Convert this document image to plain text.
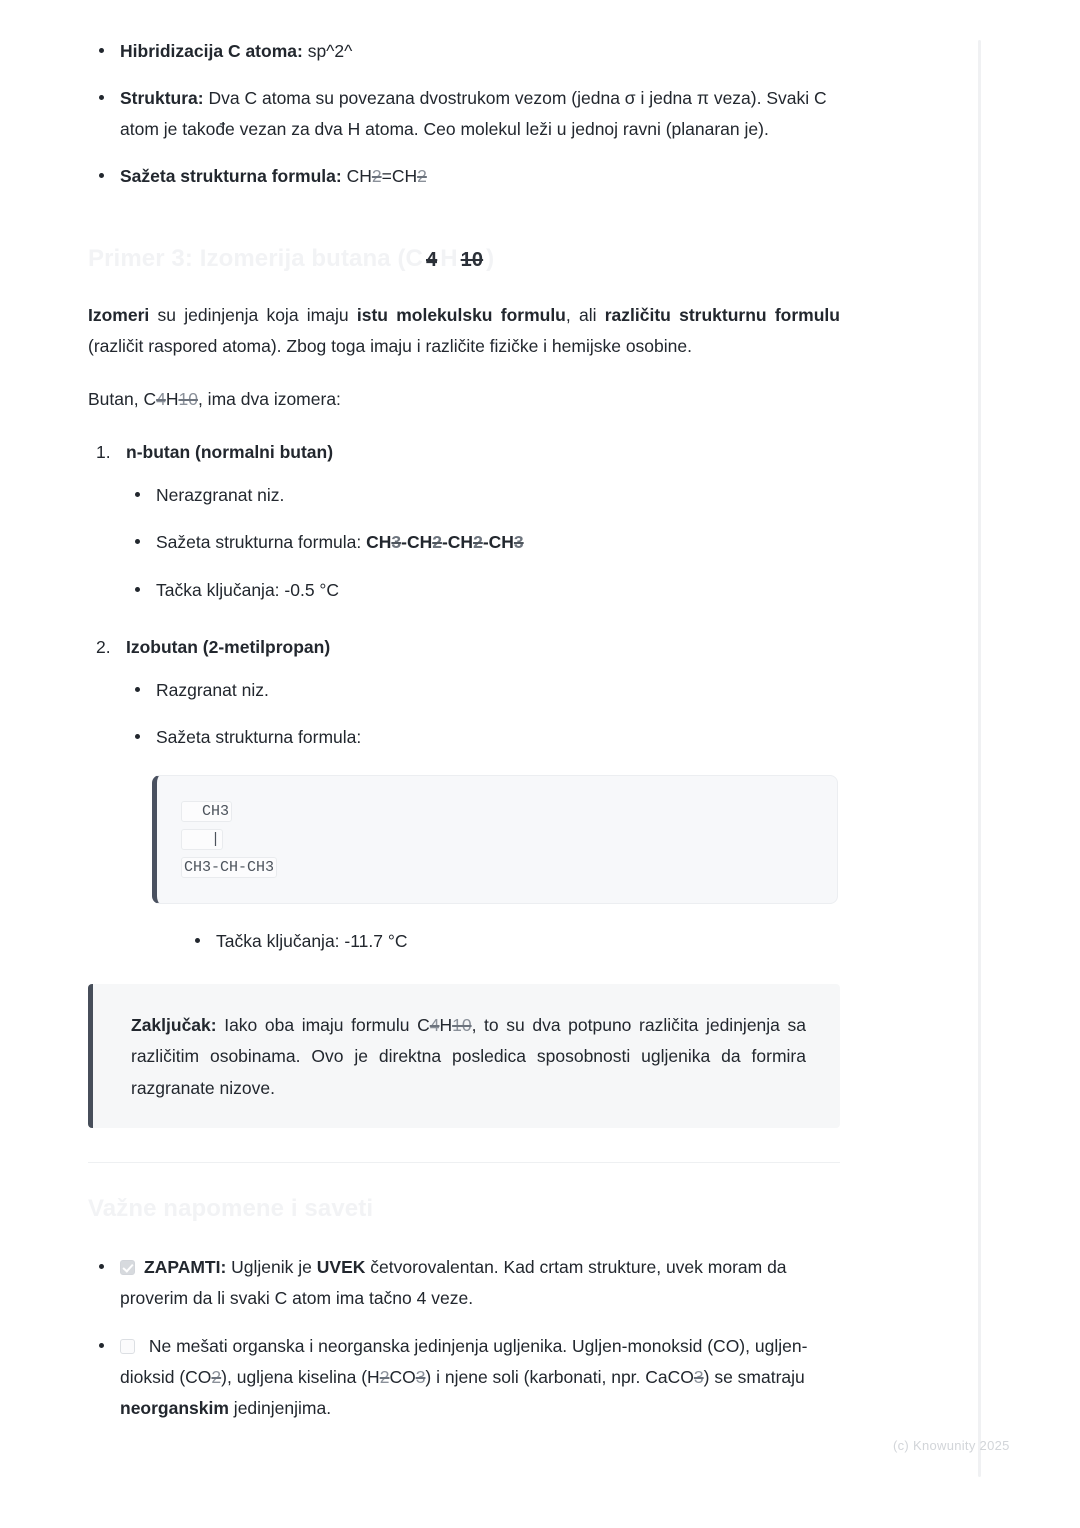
Hibridizacija C atoma: sp^2^
Struktura: Dva C atoma su povezana dvostrukom vezom (jedna σ i jedna π veza). Svaki C atom je takođe vezan za dva H atoma. Ceo molekul leži u jednoj ravni (planaran je).
Sažeta strukturna formula: CH2=CH2
Primer 3: Izomerija butana (C 4 H 10 )

Izomeri su jedinjenja koja imaju istu molekulsku formulu, ali različitu strukturnu formulu (različit raspored atoma). Zbog toga imaju i različite fizičke i hemijske osobine.

Butan, C4H10, ima dva izomera:

1. n-butan (normalni butan)
Nerazgranat niz.
Sažeta strukturna formula: CH3-CH2-CH2-CH3
Tačka ključanja: -0.5 °C
2. Izobutan (2-metilpropan)
Razgranat niz.
Sažeta strukturna formula:
CH3
|
CH3-CH-CH3
Tačka ključanja: -11.7 °C

Zaključak: Iako oba imaju formulu C4H10, to su dva potpuno različita jedinjenja sa različitim osobinama. Ovo je direktna posledica sposobnosti ugljenika da formira razgranate nizove.

Važne napomene i saveti
ZAPAMTI: Ugljenik je UVEK četvorovalentan. Kad crtam strukture, uvek moram da proverim da li svaki C atom ima tačno 4 veze.
Ne mešati organska i neorganska jedinjenja ugljenika. Ugljen-monoksid (CO), ugljen-dioksid (CO2), ugljena kiselina (H2CO3) i njene soli (karbonati, npr. CaCO3) se smatraju neorganskim jedinjenjima.
(c) Knowunity 2025
